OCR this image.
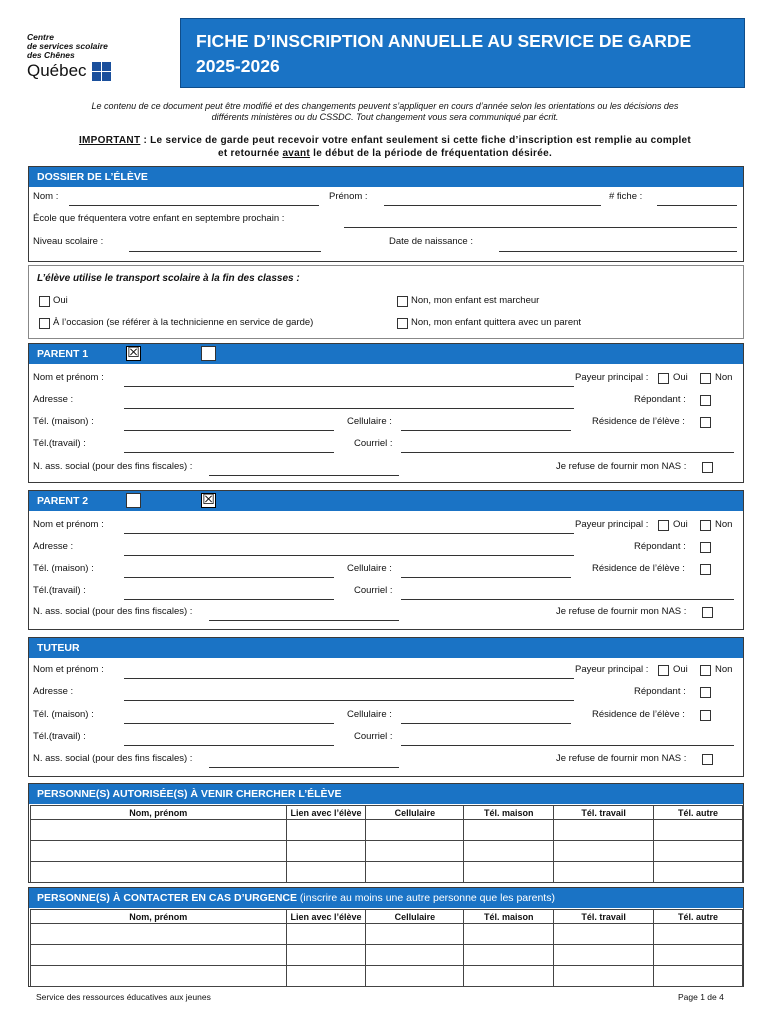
Centre
de services scolaire
des Chênes
Québec
FICHE D’INSCRIPTION ANNUELLE AU SERVICE DE GARDE
2025-2026
Le contenu de ce document peut être modifié et des changements peuvent s’appliquer en cours d’année selon les orientations ou les décisions des
différents ministères ou du CSSDC. Tout changement vous sera communiqué par écrit.
IMPORTANT : Le service de garde peut recevoir votre enfant seulement si cette fiche d’inscription est remplie au complet
et retournée avant le début de la période de fréquentation désirée.
DOSSIER DE L’ÉLÈVE
Nom :	Prénom :	# fiche :
École que fréquentera votre enfant en septembre prochain :
Niveau scolaire :	Date de naissance :
L’élève utilise le transport scolaire à la fin des classes :
Oui	Non, mon enfant est marcheur
À l’occasion (se référer à la technicienne en service de garde)	Non, mon enfant quittera avec un parent
PARENT 1	☒
Nom et prénom :	Payeur principal :	Oui	Non
Adresse :	Répondant :
Tél. (maison) :	Cellulaire :	Résidence de l’élève :
Tél.(travail) :	Courriel :
N. ass. social (pour des fins fiscales) :	Je refuse de fournir mon NAS :
PARENT 2	☒
Nom et prénom :	Payeur principal :	Oui	Non
Adresse :	Répondant :
Tél. (maison) :	Cellulaire :	Résidence de l’élève :
Tél.(travail) :	Courriel :
N. ass. social (pour des fins fiscales) :	Je refuse de fournir mon NAS :
TUTEUR
Nom et prénom :	Payeur principal :	Oui	Non
Adresse :	Répondant :
Tél. (maison) :	Cellulaire :	Résidence de l’élève :
Tél.(travail) :	Courriel :
N. ass. social (pour des fins fiscales) :	Je refuse de fournir mon NAS :
PERSONNE(S) AUTORISÉE(S) À VENIR CHERCHER L’ÉLÈVE
Nom, prénom	Lien avec l’élève	Cellulaire	Tél. maison	Tél. travail	Tél. autre

PERSONNE(S) À CONTACTER EN CAS D’URGENCE (inscrire au moins une autre personne que les parents)
Nom, prénom	Lien avec l’élève	Cellulaire	Tél. maison	Tél. travail	Tél. autre

Service des ressources éducatives aux jeunes	Page 1 de 4
